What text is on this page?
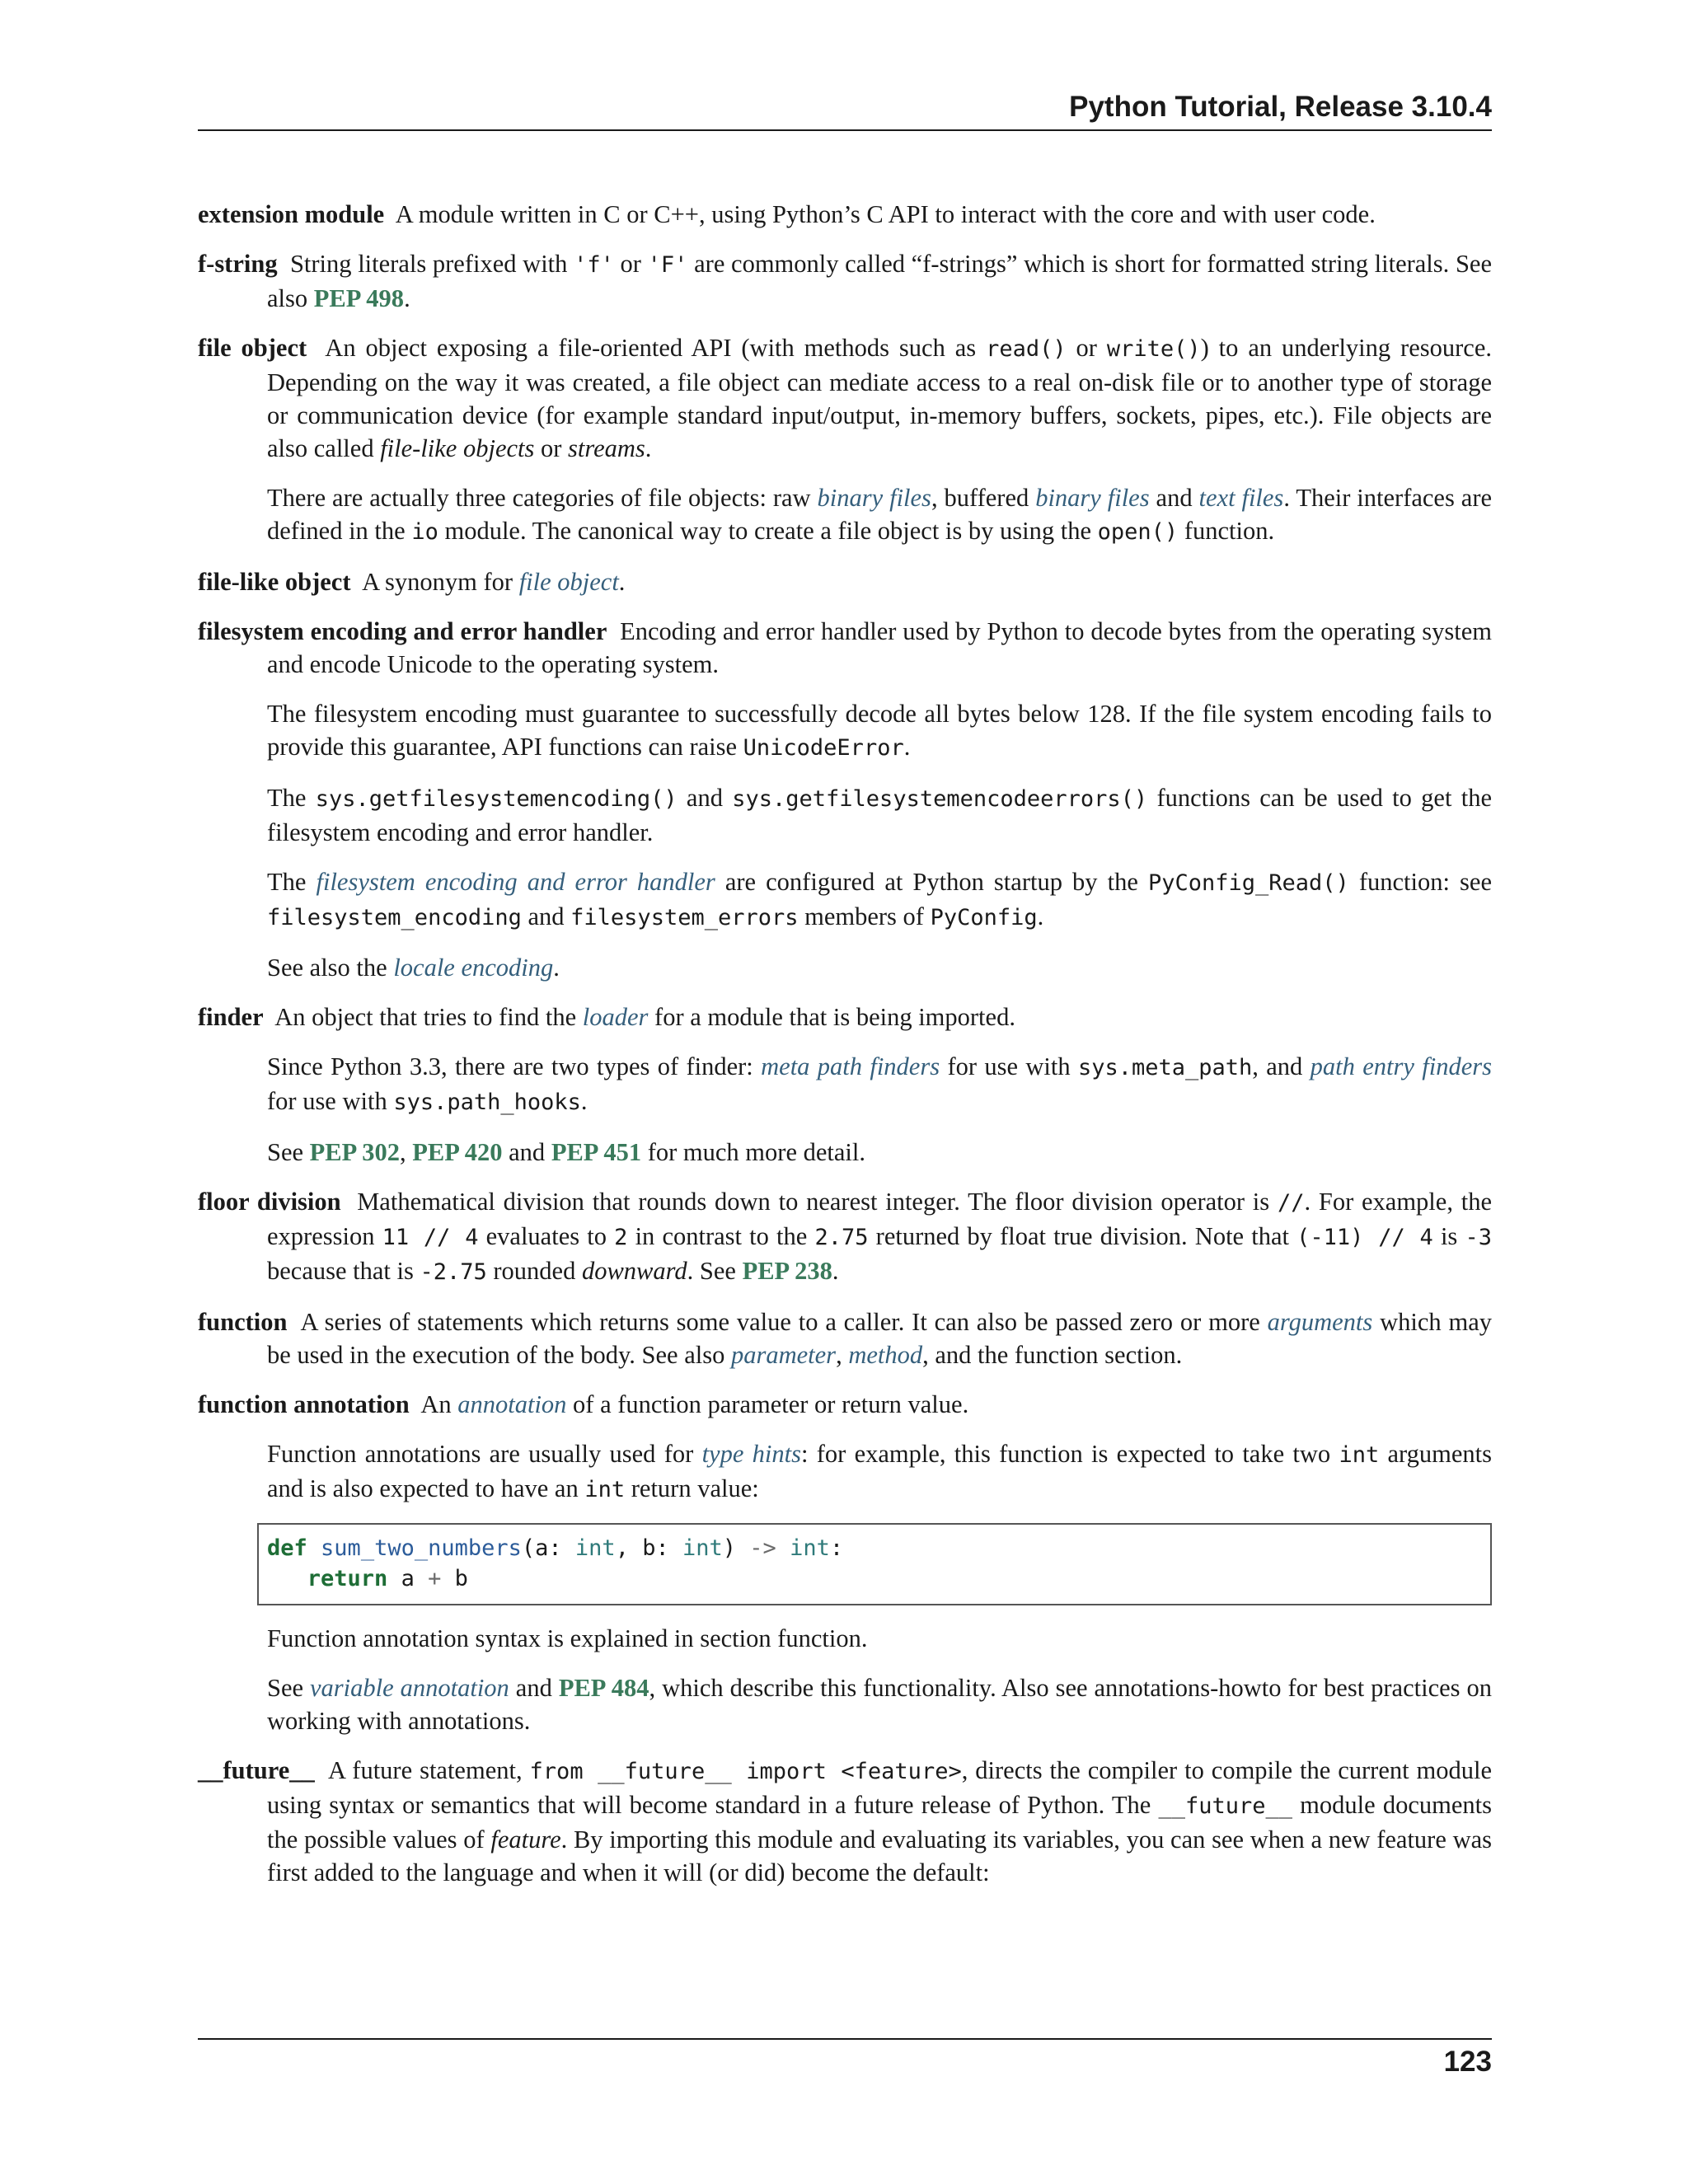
Python Tutorial, Release 3.10.4

extension module A module written in C or C++, using Python’s C API to interact with the core and with user code.

f-string String literals prefixed with 'f' or 'F' are commonly called “f-strings” which is short for formatted string literals. See also PEP 498.

file object An object exposing a file-oriented API (with methods such as read() or write()) to an underlying resource. Depending on the way it was created, a file object can mediate access to a real on-disk file or to another type of storage or communication device (for example standard input/output, in-memory buffers, sockets, pipes, etc.). File objects are also called file-like objects or streams.

There are actually three categories of file objects: raw binary files, buffered binary files and text files. Their interfaces are defined in the io module. The canonical way to create a file object is by using the open() function.

file-like object A synonym for file object.

filesystem encoding and error handler Encoding and error handler used by Python to decode bytes from the operating system and encode Unicode to the operating system.

The filesystem encoding must guarantee to successfully decode all bytes below 128. If the file system encoding fails to provide this guarantee, API functions can raise UnicodeError.

The sys.getfilesystemencoding() and sys.getfilesystemencodeerrors() functions can be used to get the filesystem encoding and error handler.

The filesystem encoding and error handler are configured at Python startup by the PyConfig_Read() function: see filesystem_encoding and filesystem_errors members of PyConfig.

See also the locale encoding.

finder An object that tries to find the loader for a module that is being imported.

Since Python 3.3, there are two types of finder: meta path finders for use with sys.meta_path, and path entry finders for use with sys.path_hooks.

See PEP 302, PEP 420 and PEP 451 for much more detail.

floor division Mathematical division that rounds down to nearest integer. The floor division operator is //. For example, the expression 11 // 4 evaluates to 2 in contrast to the 2.75 returned by float true division. Note that (-11) // 4 is -3 because that is -2.75 rounded downward. See PEP 238.

function A series of statements which returns some value to a caller. It can also be passed zero or more arguments which may be used in the execution of the body. See also parameter, method, and the function section.

function annotation An annotation of a function parameter or return value.

Function annotations are usually used for type hints: for example, this function is expected to take two int arguments and is also expected to have an int return value:

def sum_two_numbers(a: int, b: int) -> int:
return a + b

Function annotation syntax is explained in section function.

See variable annotation and PEP 484, which describe this functionality. Also see annotations-howto for best practices on working with annotations.

__future__ A future statement, from __future__ import <feature>, directs the compiler to compile the current module using syntax or semantics that will become standard in a future release of Python. The __future__ module documents the possible values of feature. By importing this module and evaluating its variables, you can see when a new feature was first added to the language and when it will (or did) become the default:

123
